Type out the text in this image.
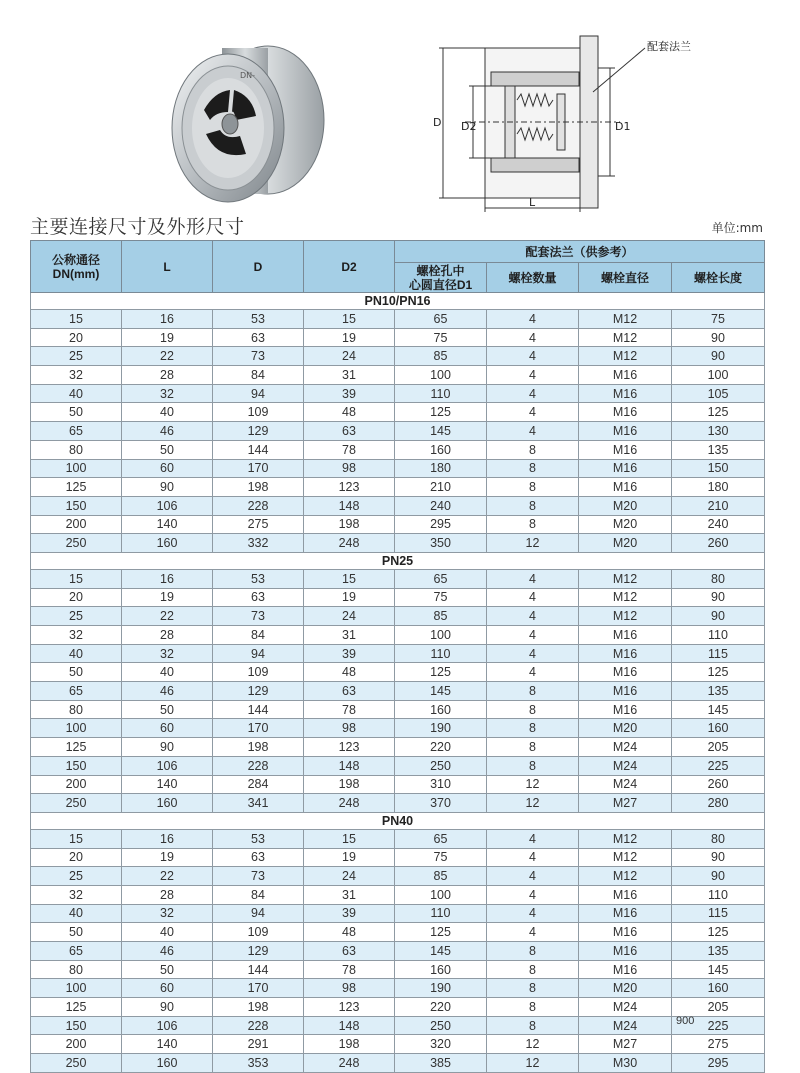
DN-
配套法兰
D D2	D1
L
主要连接尺寸及外形尺寸	单位:mm
公称通径
DN(mm)	L	D	D2	配套法兰（供参考）			
				螺栓孔中
心圆直径D1	螺栓数量	螺栓直径	螺栓长度
PN10/PN16							
15	16	53	15	65	4	M12	75
20	19	63	19	75	4	M12	90
25	22	73	24	85	4	M12	90
32	28	84	31	100	4	M16	100
40	32	94	39	110	4	M16	105
50	40	109	48	125	4	M16	125
65	46	129	63	145	4	M16	130
80	50	144	78	160	8	M16	135
100	60	170	98	180	8	M16	150
125	90	198	123	210	8	M16	180
150	106	228	148	240	8	M20	210
200	140	275	198	295	8	M20	240
250	160	332	248	350	12	M20	260
PN25							
15	16	53	15	65	4	M12	80
20	19	63	19	75	4	M12	90
25	22	73	24	85	4	M12	90
32	28	84	31	100	4	M16	110
40	32	94	39	110	4	M16	115
50	40	109	48	125	4	M16	125
65	46	129	63	145	8	M16	135
80	50	144	78	160	8	M16	145
100	60	170	98	190	8	M20	160
125	90	198	123	220	8	M24	205
150	106	228	148	250	8	M24	225
200	140	284	198	310	12	M24	260
250	160	341	248	370	12	M27	280
PN40							
15	16	53	15	65	4	M12	80
20	19	63	19	75	4	M12	90
25	22	73	24	85	4	M12	90
32	28	84	31	100	4	M16	110
40	32	94	39	110	4	M16	115
50	40	109	48	125	4	M16	125
65	46	129	63	145	8	M16	135
80	50	144	78	160	8	M16	145
100	60	170	98	190	8	M20	160
125	90	198	123	220	8	M24	205
150	106	228	148	250	8	M24	225
200	140	291	198	320	12	M27	275
250	160	353	248	385	12	M30	295
900
